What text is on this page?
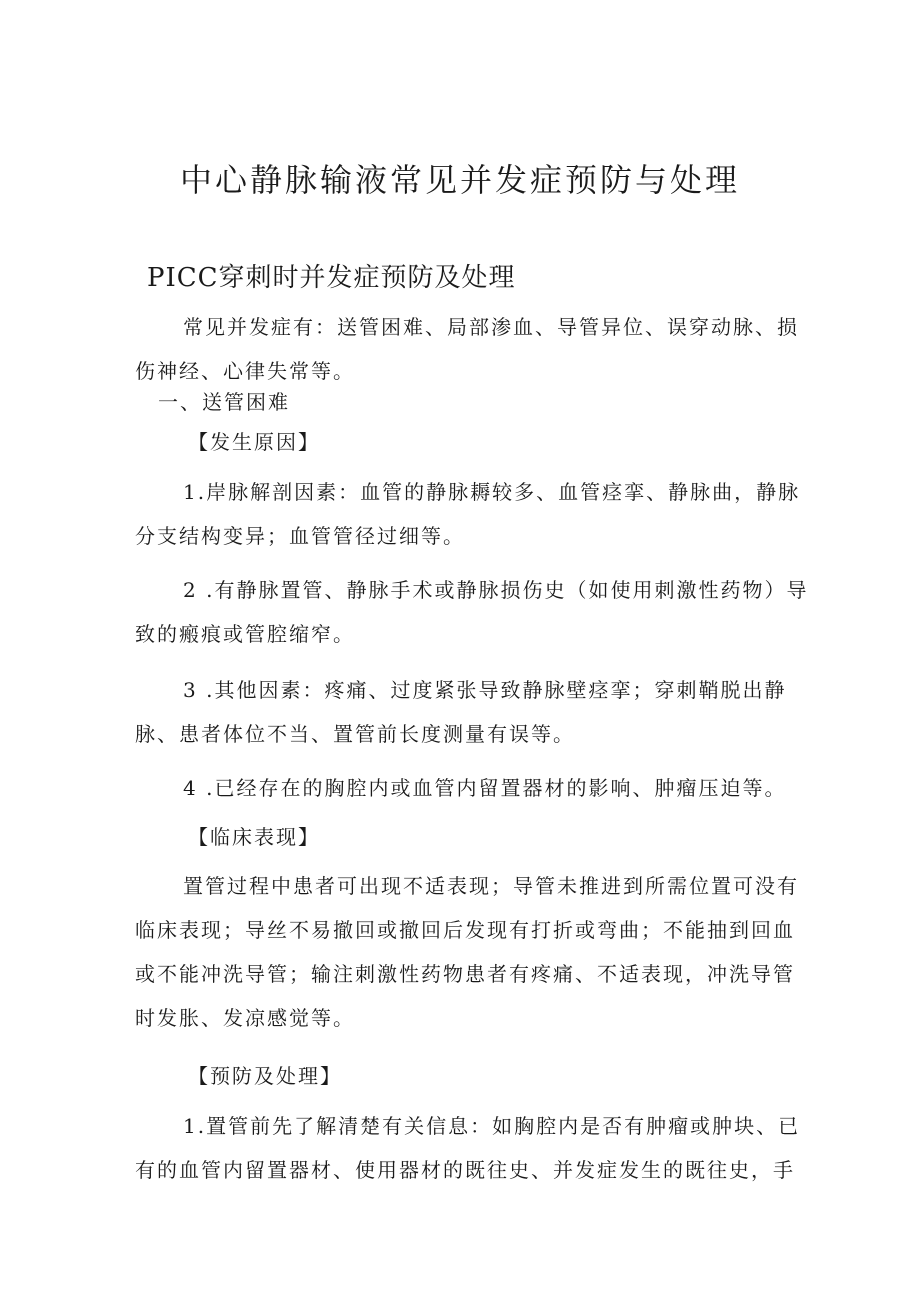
中心静脉输液常见并发症预防与处理
PICC穿刺时并发症预防及处理
常见并发症有：送管困难、局部渗血、导管异位、误穿动脉、损
伤神经、心律失常等。
一、送管困难
【发生原因】
1.岸脉解剖因素：血管的静脉耨较多、血管痉挛、静脉曲，静脉
分支结构变异；血管管径过细等。
2 .有静脉置管、静脉手术或静脉损伤史（如使用刺激性药物）导
致的瘢痕或管腔缩窄。
3 .其他因素：疼痛、过度紧张导致静脉壁痉挛；穿刺鞘脱出静
脉、患者体位不当、置管前长度测量有误等。
4 .已经存在的胸腔内或血管内留置器材的影响、肿瘤压迫等。
【临床表现】
置管过程中患者可出现不适表现；导管未推进到所需位置可没有
临床表现；导丝不易撤回或撤回后发现有打折或弯曲；不能抽到回血
或不能冲洗导管；输注刺激性药物患者有疼痛、不适表现，冲洗导管
时发胀、发凉感觉等。
【预防及处理】
1.置管前先了解清楚有关信息：如胸腔内是否有肿瘤或肿块、已
有的血管内留置器材、使用器材的既往史、并发症发生的既往史，手
